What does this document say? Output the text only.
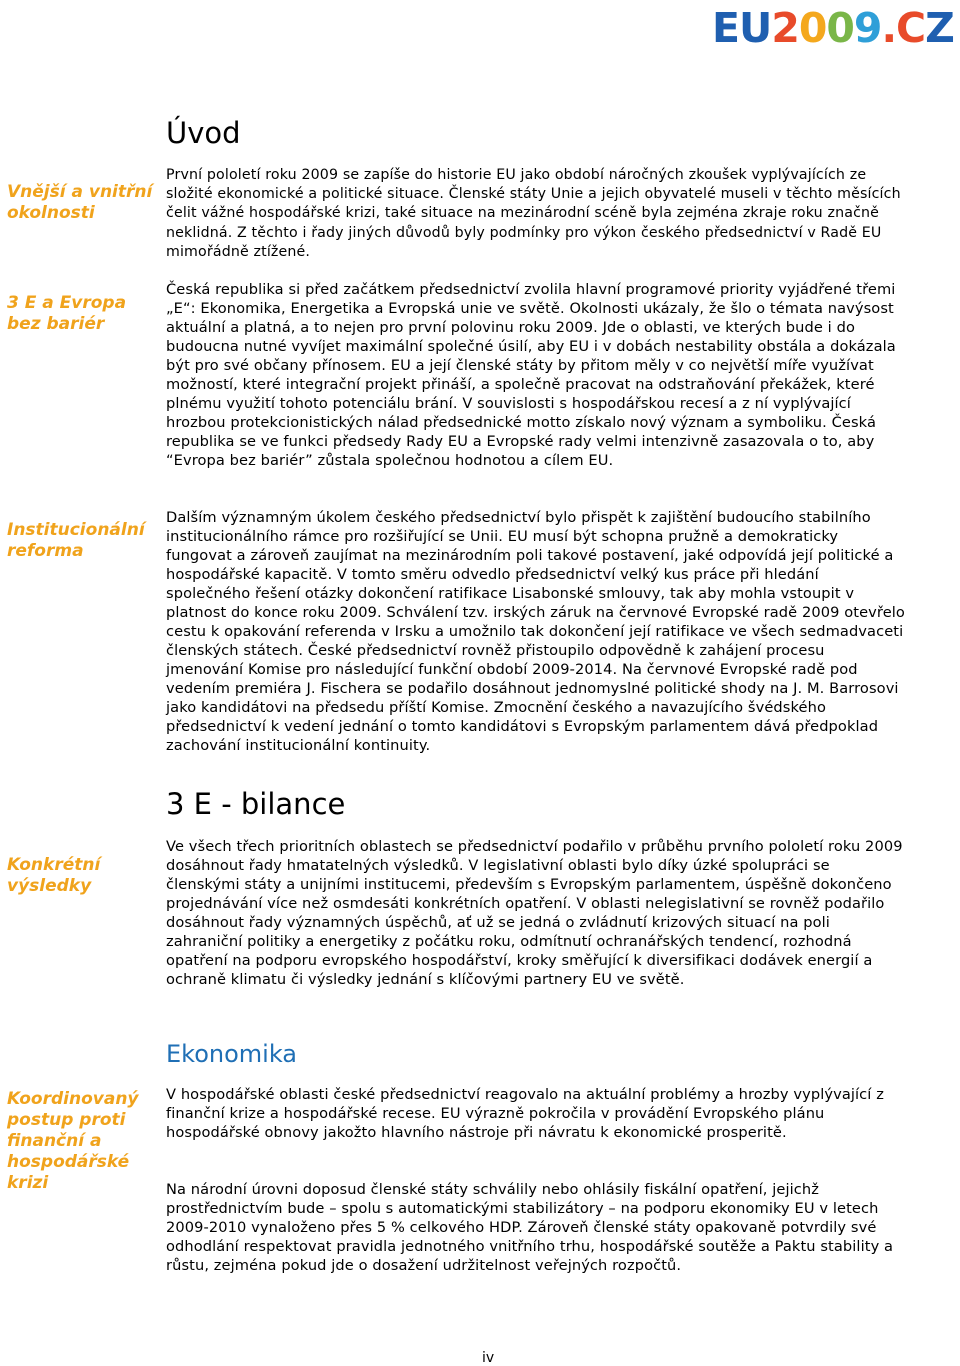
EU2009.CZ

Vnější a vnitřní okolnosti

3 E a Evropa bez bariér

Institucionální reforma

Konkrétní výsledky

Koordinovaný postup proti finanční a hospodářské krizi

Úvod

První pololetí roku 2009 se zapíše do historie EU jako období náročných zkoušek vyplývajících ze složité ekonomické a politické situace. Členské státy Unie a jejich obyvatelé museli v těchto měsících čelit vážné hospodářské krizi, také situace na mezinárodní scéně byla zejména zkraje roku značně neklidná. Z těchto i řady jiných důvodů byly podmínky pro výkon českého předsednictví v Radě EU mimořádně ztížené.

Česká republika si před začátkem předsednictví zvolila hlavní programové priority vyjádřené třemi „E“: Ekonomika, Energetika a Evropská unie ve světě. Okolnosti ukázaly, že šlo o témata navýsost aktuální a platná, a to nejen pro první polovinu roku 2009. Jde o oblasti, ve kterých bude i do budoucna nutné vyvíjet maximální společné úsilí, aby EU i v dobách nestability obstála a dokázala být pro své občany přínosem. EU a její členské státy by přitom měly v co největší míře využívat možností, které integrační projekt přináší, a společně pracovat na odstraňování překážek, které plnému využití tohoto potenciálu brání. V souvislosti s hospodářskou recesí a z ní vyplývající hrozbou protekcionistických nálad předsednické motto získalo nový význam a symboliku. Česká republika se ve funkci předsedy Rady EU a Evropské rady velmi intenzivně zasazovala o to, aby “Evropa bez bariér” zůstala společnou hodnotou a cílem EU.

Dalším významným úkolem českého předsednictví bylo přispět k zajištění budoucího stabilního institucionálního rámce pro rozšiřující se Unii. EU musí být schopna pružně a demokraticky fungovat a zároveň zaujímat na mezinárodním poli takové postavení, jaké odpovídá její politické a hospodářské kapacitě. V tomto směru odvedlo předsednictví velký kus práce při hledání společného řešení otázky dokončení ratifikace Lisabonské smlouvy, tak aby mohla vstoupit v platnost do konce roku 2009. Schválení tzv. irských záruk na červnové Evropské radě 2009 otevřelo cestu k opakování referenda v Irsku a umožnilo tak dokončení její ratifikace ve všech sedmadvaceti členských státech. České předsednictví rovněž přistoupilo odpovědně k zahájení procesu jmenování Komise pro následující funkční období 2009-2014. Na červnové Evropské radě pod vedením premiéra J. Fischera se podařilo dosáhnout jednomyslné politické shody na J. M. Barrosovi jako kandidátovi na předsedu příští Komise. Zmocnění českého a navazujícího švédského předsednictví k vedení jednání o tomto kandidátovi s Evropským parlamentem dává předpoklad zachování institucionální kontinuity.

3 E - bilance

Ve všech třech prioritních oblastech se předsednictví podařilo v průběhu prvního pololetí roku 2009 dosáhnout řady hmatatelných výsledků. V legislativní oblasti bylo díky úzké spolupráci se členskými státy a unijními institucemi, především s Evropským parlamentem, úspěšně dokončeno projednávání více než osmdesáti konkrétních opatření. V oblasti nelegislativní se rovněž podařilo dosáhnout řady významných úspěchů, ať už se jedná o zvládnutí krizových situací na poli zahraniční politiky a energetiky z počátku roku, odmítnutí ochranářských tendencí, rozhodná opatření na podporu evropského hospodářství, kroky směřující k diversifikaci dodávek energií a ochraně klimatu či výsledky jednání s klíčovými partnery EU ve světě.

Ekonomika

V hospodářské oblasti české předsednictví reagovalo na aktuální problémy a hrozby vyplývající z finanční krize a hospodářské recese. EU výrazně pokročila v provádění Evropského plánu hospodářské obnovy jakožto hlavního nástroje při návratu k ekonomické prosperitě.

Na národní úrovni doposud členské státy schválily nebo ohlásily fiskální opatření, jejichž prostřednictvím bude – spolu s automatickými stabilizátory – na podporu ekonomiky EU v letech 2009-2010 vynaloženo přes 5 % celkového HDP. Zároveň členské státy opakovaně potvrdily své odhodlání respektovat pravidla jednotného vnitřního trhu, hospodářské soutěže a Paktu stability a růstu, zejména pokud jde o dosažení udržitelnost veřejných rozpočtů.

iv
